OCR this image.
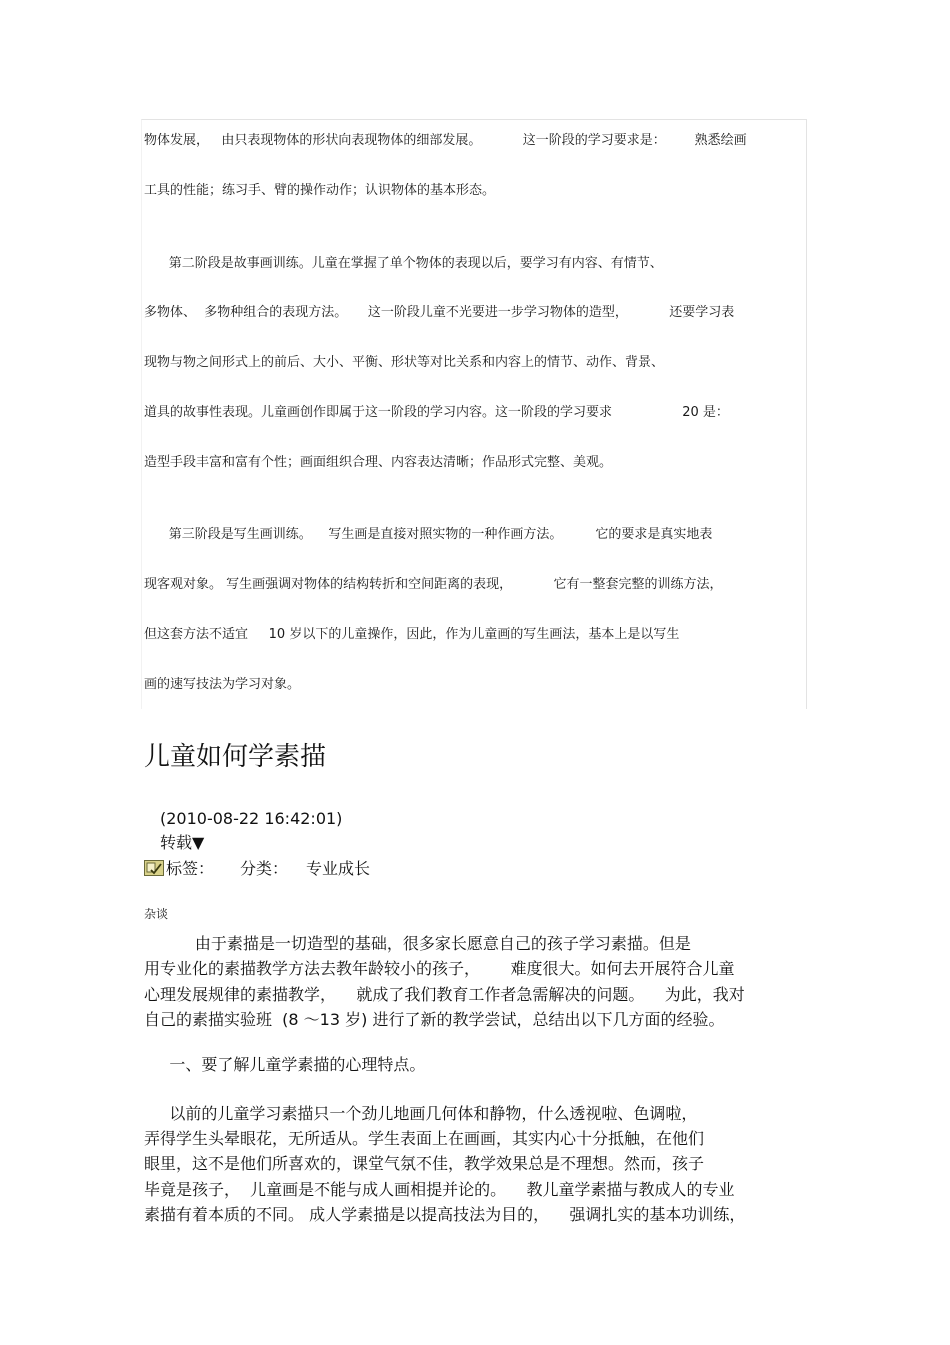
物体发展，   由只表现物体的形状向表现物体的细部发展。          这一阶段的学习要求是：       熟悉绘画
工具的性能；练习手、臂的操作动作；认识物体的基本形态。
第二阶段是故事画训练。儿童在掌握了单个物体的表现以后，要学习有内容、有情节、
多物体、  多物种组合的表现方法。     这一阶段儿童不光要进一步学习物体的造型，          还要学习表
现物与物之间形式上的前后、大小、平衡、形状等对比关系和内容上的情节、动作、背景、
道具的故事性表现。儿童画创作即属于这一阶段的学习内容。这一阶段的学习要求                 20 是：
造型手段丰富和富有个性；画面组织合理、内容表达清晰；作品形式完整、美观。
第三阶段是写生画训练。    写生画是直接对照实物的一种作画方法。        它的要求是真实地表
现客观对象。 写生画强调对物体的结构转折和空间距离的表现，          它有一整套完整的训练方法，
但这套方法不适宜     10 岁以下的儿童操作，因此，作为儿童画的写生画法，基本上是以写生
画的速写技法为学习对象。
儿童如何学素描
(2010-08-22 16:42:01)
转载▼
标签： 分类： 专业成长
杂谈
由于素描是一切造型的基础，很多家长愿意自己的孩子学习素描。但是
用专业化的素描教学方法去教年龄较小的孩子，      难度很大。如何去开展符合儿童
心理发展规律的素描教学，    就成了我们教育工作者急需解决的问题。    为此，我对
自己的素描实验班  (8 ～13 岁) 进行了新的教学尝试，总结出以下几方面的经验。
一、要了解儿童学素描的心理特点。
以前的儿童学习素描只一个劲儿地画几何体和静物，什么透视啦、色调啦，
弄得学生头晕眼花，无所适从。学生表面上在画画，其实内心十分抵触，在他们
眼里，这不是他们所喜欢的，课堂气氛不佳，教学效果总是不理想。然而，孩子
毕竟是孩子，  儿童画是不能与成人画相提并论的。    教儿童学素描与教成人的专业
素描有着本质的不同。 成人学素描是以提高技法为目的，    强调扎实的基本功训练，
